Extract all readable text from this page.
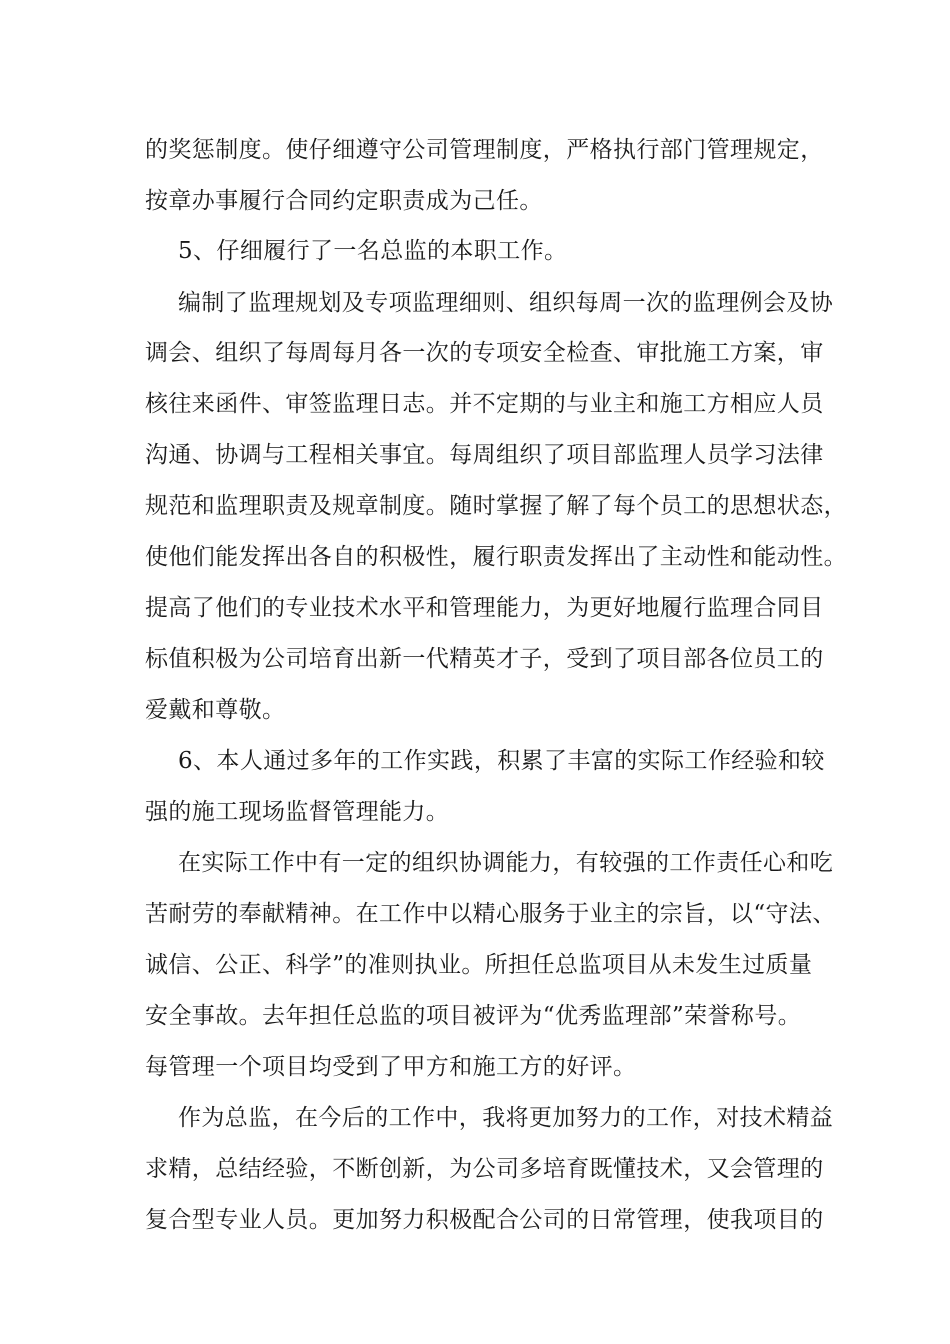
的奖惩制度。使仔细遵守公司管理制度，严格执行部门管理规定，
按章办事履行合同约定职责成为己任。
5、仔细履行了一名总监的本职工作。
编制了监理规划及专项监理细则、组织每周一次的监理例会及协
调会、组织了每周每月各一次的专项安全检查、审批施工方案，审
核往来函件、审签监理日志。并不定期的与业主和施工方相应人员
沟通、协调与工程相关事宜。每周组织了项目部监理人员学习法律
规范和监理职责及规章制度。随时掌握了解了每个员工的思想状态，
使他们能发挥出各自的积极性，履行职责发挥出了主动性和能动性。
提高了他们的专业技术水平和管理能力，为更好地履行监理合同目
标值积极为公司培育出新一代精英才子，受到了项目部各位员工的
爱戴和尊敬。
6、本人通过多年的工作实践，积累了丰富的实际工作经验和较
强的施工现场监督管理能力。
在实际工作中有一定的组织协调能力，有较强的工作责任心和吃
苦耐劳的奉献精神。在工作中以精心服务于业主的宗旨，以“守法、
诚信、公正、科学”的准则执业。所担任总监项目从未发生过质量
安全事故。去年担任总监的项目被评为“优秀监理部”荣誉称号。
每管理一个项目均受到了甲方和施工方的好评。
作为总监，在今后的工作中，我将更加努力的工作，对技术精益
求精，总结经验，不断创新，为公司多培育既懂技术，又会管理的
复合型专业人员。更加努力积极配合公司的日常管理，使我项目的
